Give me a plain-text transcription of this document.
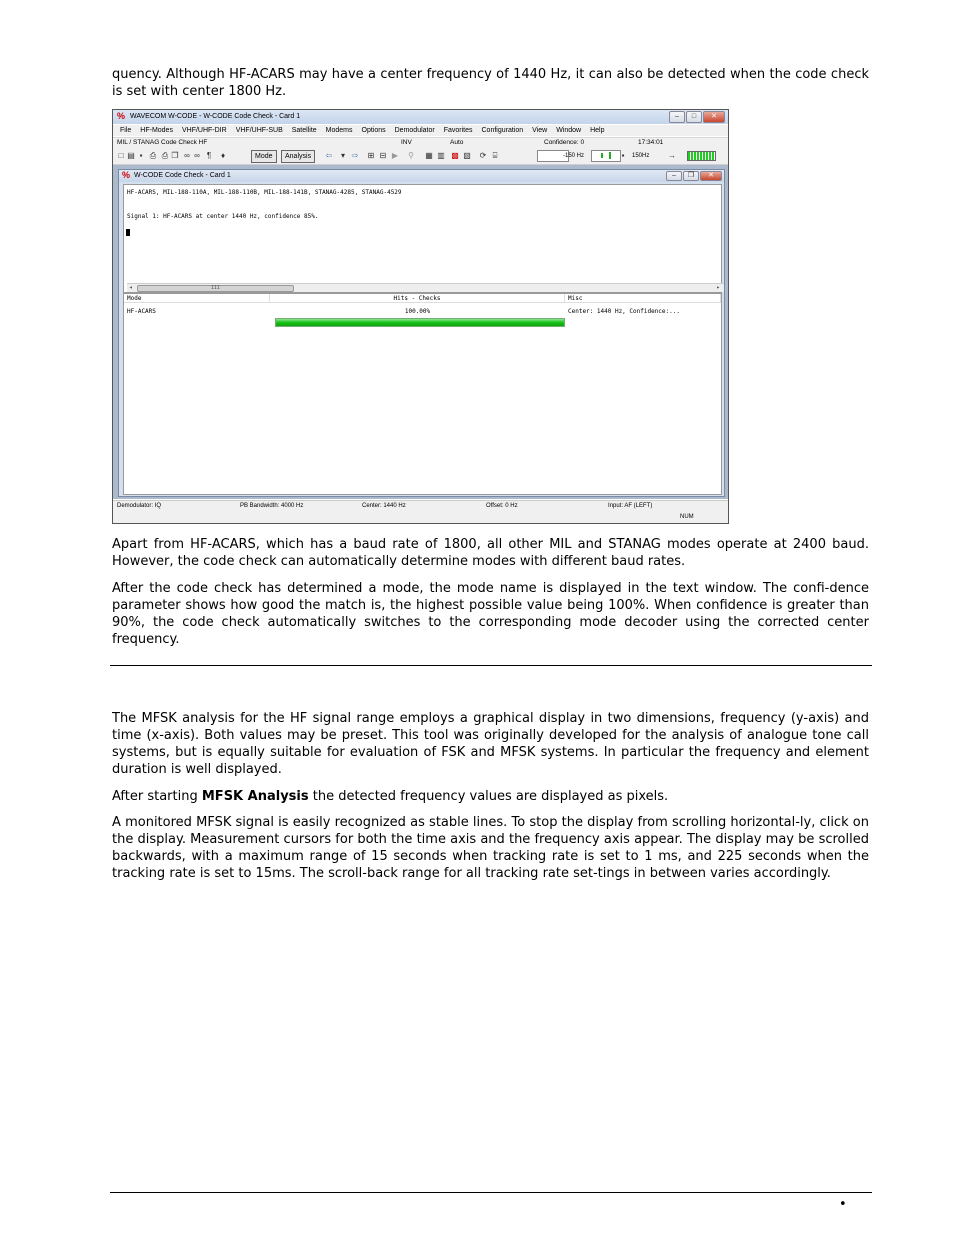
quency. Although HF-ACARS may have a center frequency of 1440 Hz, it can also be detected when the code check is set with center 1800 Hz.
% WAVECOM W-CODE - W-CODE Code Check - Card 1	–	□	✕
File HF-Modes VHF/UHF-DIR VHF/UHF-SUB Satellite Modems Options Demodulator Favorites Configuration View Window Help
MIL / STANAG Code Check HF	INV	Auto	Confidence: 0	17:34:01
□ ▤ ▪ ⎙ ⎙ ❐ ∞ ∞ ¶ ♦	Mode	Analysis	⇦ ▾ ⇨ ⊞ ⊟ ▶ ⚲ ▦ ▥ ▩ ▧ ⟳ ⌸	-150 Hz	▪	150Hz →
% W-CODE Code Check - Card 1	–	❐	✕
HF-ACARS, MIL-188-110A, MIL-188-110B, MIL-188-141B, STANAG-4285, STANAG-4529
Signal 1: HF-ACARS at center 1440 Hz, confidence 85%.
◂	III	▸
Mode	Hits - Checks	Misc
HF-ACARS	100.00%	Center: 1440 Hz, Confidence:...
Demodulator: IQ	PB Bandwidth: 4000 Hz	Center: 1440 Hz	Offset: 0 Hz	Input: AF (LEFT)
NUM
Apart from HF-ACARS, which has a baud rate of 1800, all other MIL and STANAG modes operate at 2400 baud. However, the code check can automatically determine modes with different baud rates.
After the code check has determined a mode, the mode name is displayed in the text window. The confi-dence parameter shows how good the match is, the highest possible value being 100%. When confidence is greater than 90%, the code check automatically switches to the corresponding mode decoder using the corrected center frequency.
The MFSK analysis for the HF signal range employs a graphical display in two dimensions, frequency (y-axis) and time (x-axis). Both values may be preset. This tool was originally developed for the analysis of analogue tone call systems, but is equally suitable for evaluation of FSK and MFSK systems. In particular the frequency and element duration is well displayed.
After starting MFSK Analysis the detected frequency values are displayed as pixels.
A monitored MFSK signal is easily recognized as stable lines. To stop the display from scrolling horizontal-ly, click on the display. Measurement cursors for both the time axis and the frequency axis appear. The display may be scrolled backwards, with a maximum range of 15 seconds when tracking rate is set to 1 ms, and 225 seconds when the tracking rate is set to 15ms. The scroll-back range for all tracking rate set-tings in between varies accordingly.
•
